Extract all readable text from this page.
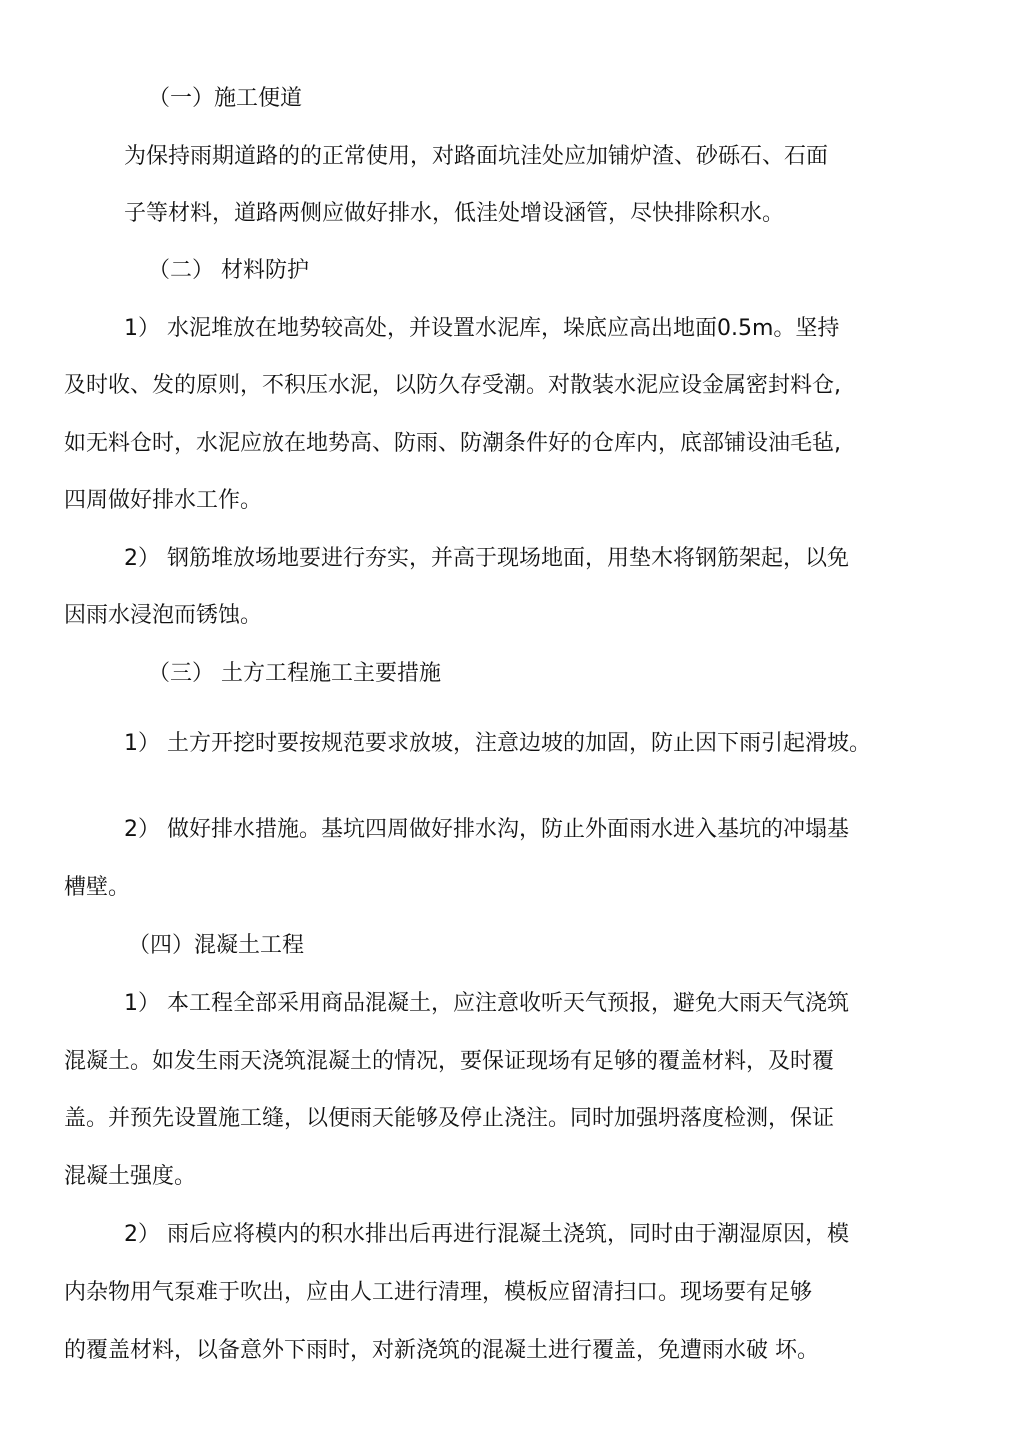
（一）施工便道
为保持雨期道路的的正常使用，对路面坑洼处应加铺炉渣、砂砾石、石面
子等材料，道路两侧应做好排水，低洼处增设涵管，尽快排除积水。
（二） 材料防护
1） 水泥堆放在地势较高处，并设置水泥库，垛底应高出地面0.5m。坚持
及时收、发的原则，不积压水泥，以防久存受潮。对散装水泥应设金属密封料仓,
如无料仓时，水泥应放在地势高、防雨、防潮条件好的仓库内，底部铺设油毛毡,
四周做好排水工作。
2） 钢筋堆放场地要进行夯实，并高于现场地面，用垫木将钢筋架起，以免
因雨水浸泡而锈蚀。
（三） 土方工程施工主要措施
1） 土方开挖时要按规范要求放坡，注意边坡的加固，防止因下雨引起滑坡。
2） 做好排水措施。基坑四周做好排水沟，防止外面雨水进入基坑的冲塌基
槽壁。
（四）混凝土工程
1） 本工程全部采用商品混凝土，应注意收听天气预报，避免大雨天气浇筑
混凝土。如发生雨天浇筑混凝土的情况，要保证现场有足够的覆盖材料，及时覆
盖。并预先设置施工缝，以便雨天能够及停止浇注。同时加强坍落度检测，保证
混凝土强度。
2） 雨后应将模内的积水排出后再进行混凝土浇筑，同时由于潮湿原因，模
内杂物用气泵难于吹出，应由人工进行清理，模板应留清扫口。现场要有足够
的覆盖材料，以备意外下雨时，对新浇筑的混凝土进行覆盖，免遭雨水破 坏。
